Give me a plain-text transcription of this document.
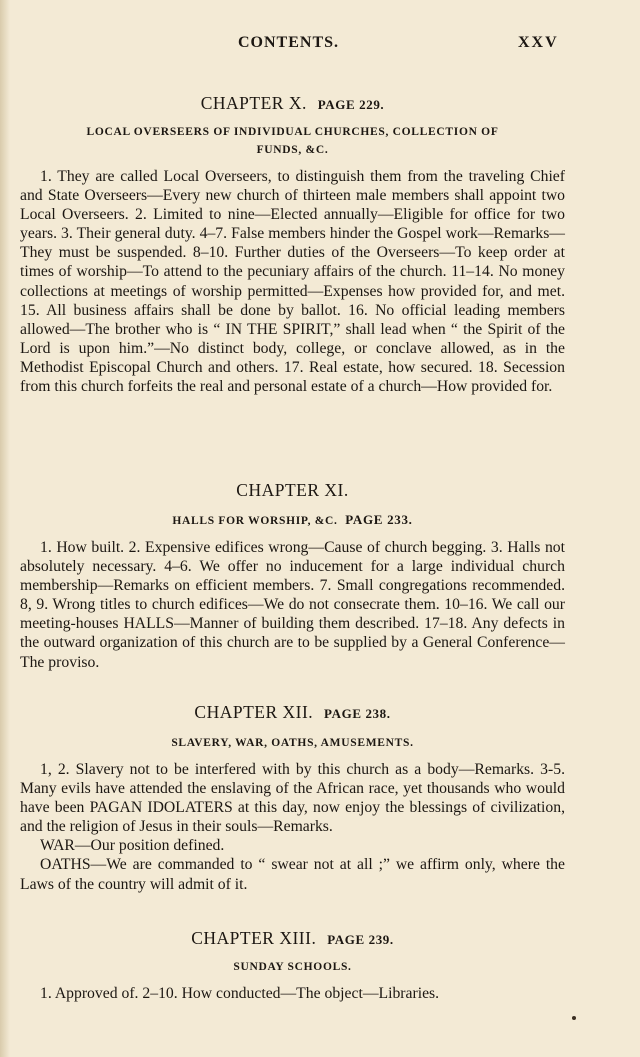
CONTENTS.	XXV

CHAPTER X. PAGE 229.

LOCAL OVERSEERS OF INDIVIDUAL CHURCHES, COLLECTION OF

FUNDS, &C.

1. They are called Local Overseers, to distinguish them from the traveling Chief and State Overseers—Every new church of thirteen male members shall appoint two Local Overseers. 2. Limited to nine—Elected annually—Eligible for office for two years. 3. Their general duty. 4–7. False members hinder the Gospel work—Remarks—They must be suspended. 8–10. Further duties of the Overseers—To keep order at times of worship—To attend to the pecuniary affairs of the church. 11–14. No money collections at meetings of worship permitted—Expenses how provided for, and met. 15. All business affairs shall be done by ballot. 16. No official leading members allowed—The brother who is “ IN THE SPIRIT,” shall lead when “ the Spirit of the Lord is upon him.”—No distinct body, college, or conclave allowed, as in the Methodist Episcopal Church and others. 17. Real estate, how secured. 18. Secession from this church forfeits the real and personal estate of a church—How provided for.

CHAPTER XI.

HALLS FOR WORSHIP, &C. PAGE 233.

1. How built. 2. Expensive edifices wrong—Cause of church begging. 3. Halls not absolutely necessary. 4–6. We offer no inducement for a large individual church membership—Remarks on efficient members. 7. Small congregations recommended. 8, 9. Wrong titles to church edifices—We do not consecrate them. 10–16. We call our meeting-houses HALLS—Manner of building them described. 17–18. Any defects in the outward organization of this church are to be supplied by a General Conference—The proviso.

CHAPTER XII. PAGE 238.

SLAVERY, WAR, OATHS, AMUSEMENTS.

1, 2. Slavery not to be interfered with by this church as a body—Remarks. 3-5. Many evils have attended the enslaving of the African race, yet thousands who would have been PAGAN IDOLATERS at this day, now enjoy the blessings of civilization, and the religion of Jesus in their souls—Remarks.

WAR—Our position defined.

OATHS—We are commanded to “ swear not at all ;” we affirm only, where the Laws of the country will admit of it.

CHAPTER XIII. PAGE 239.

SUNDAY SCHOOLS.

1. Approved of. 2–10. How conducted—The object—Libraries.
